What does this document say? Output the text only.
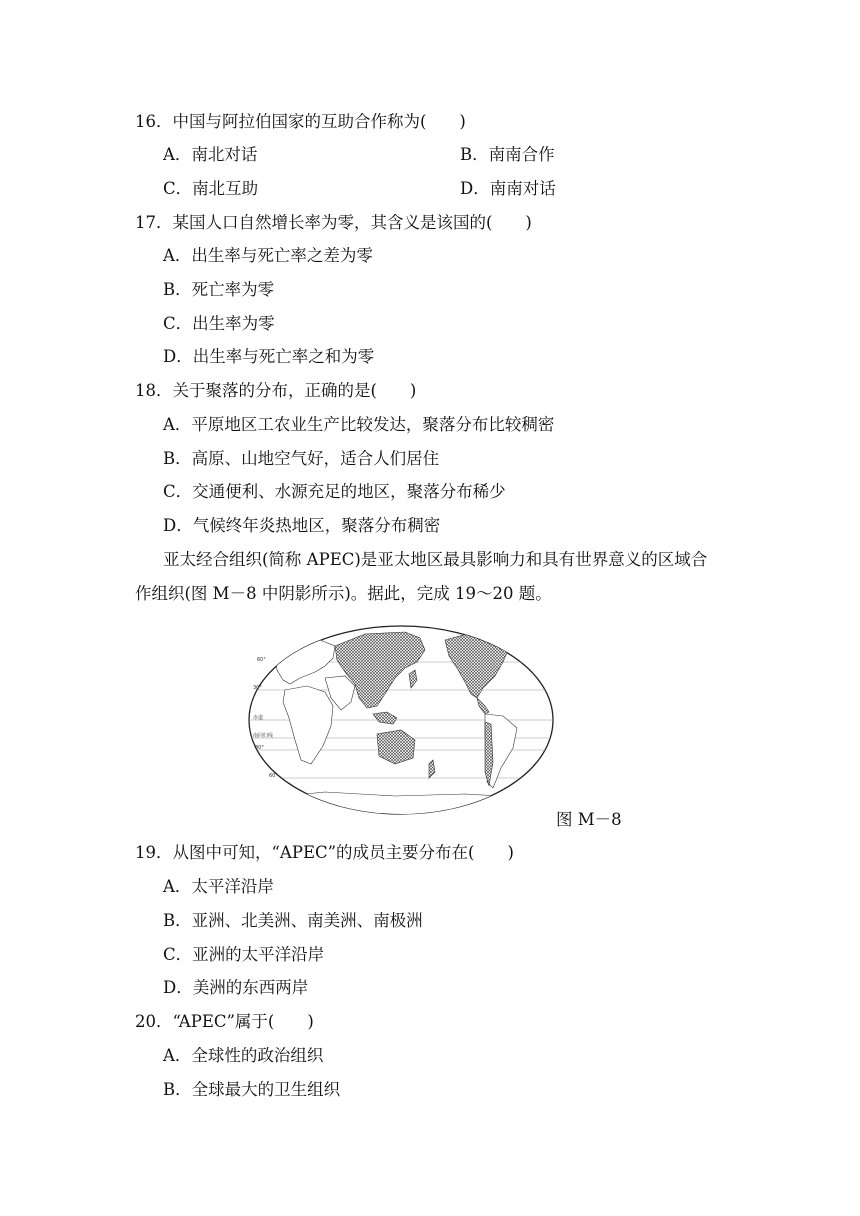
16．中国与阿拉伯国家的互助合作称为(　　)
A．南北对话	B．南南合作
C．南北互助	D．南南对话
17．某国人口自然增长率为零，其含义是该国的(　　)
A．出生率与死亡率之差为零
B．死亡率为零
C．出生率为零
D．出生率与死亡率之和为零
18．关于聚落的分布，正确的是(　　)
A．平原地区工农业生产比较发达，聚落分布比较稠密
B．高原、山地空气好，适合人们居住
C．交通便利、水源充足的地区，聚落分布稀少
D．气候终年炎热地区，聚落分布稠密
亚太经合组织(简称 APEC)是亚太地区最具影响力和具有世界意义的区域合
作组织(图 M－8 中阴影所示)。据此，完成 19～20 题。
60°
30°
赤道
南回归线
30°
60°
图 M－8
19．从图中可知，“APEC”的成员主要分布在(　　)
A．太平洋沿岸
B．亚洲、北美洲、南美洲、南极洲
C．亚洲的太平洋沿岸
D．美洲的东西两岸
20．“APEC”属于(　　)
A．全球性的政治组织
B．全球最大的卫生组织
